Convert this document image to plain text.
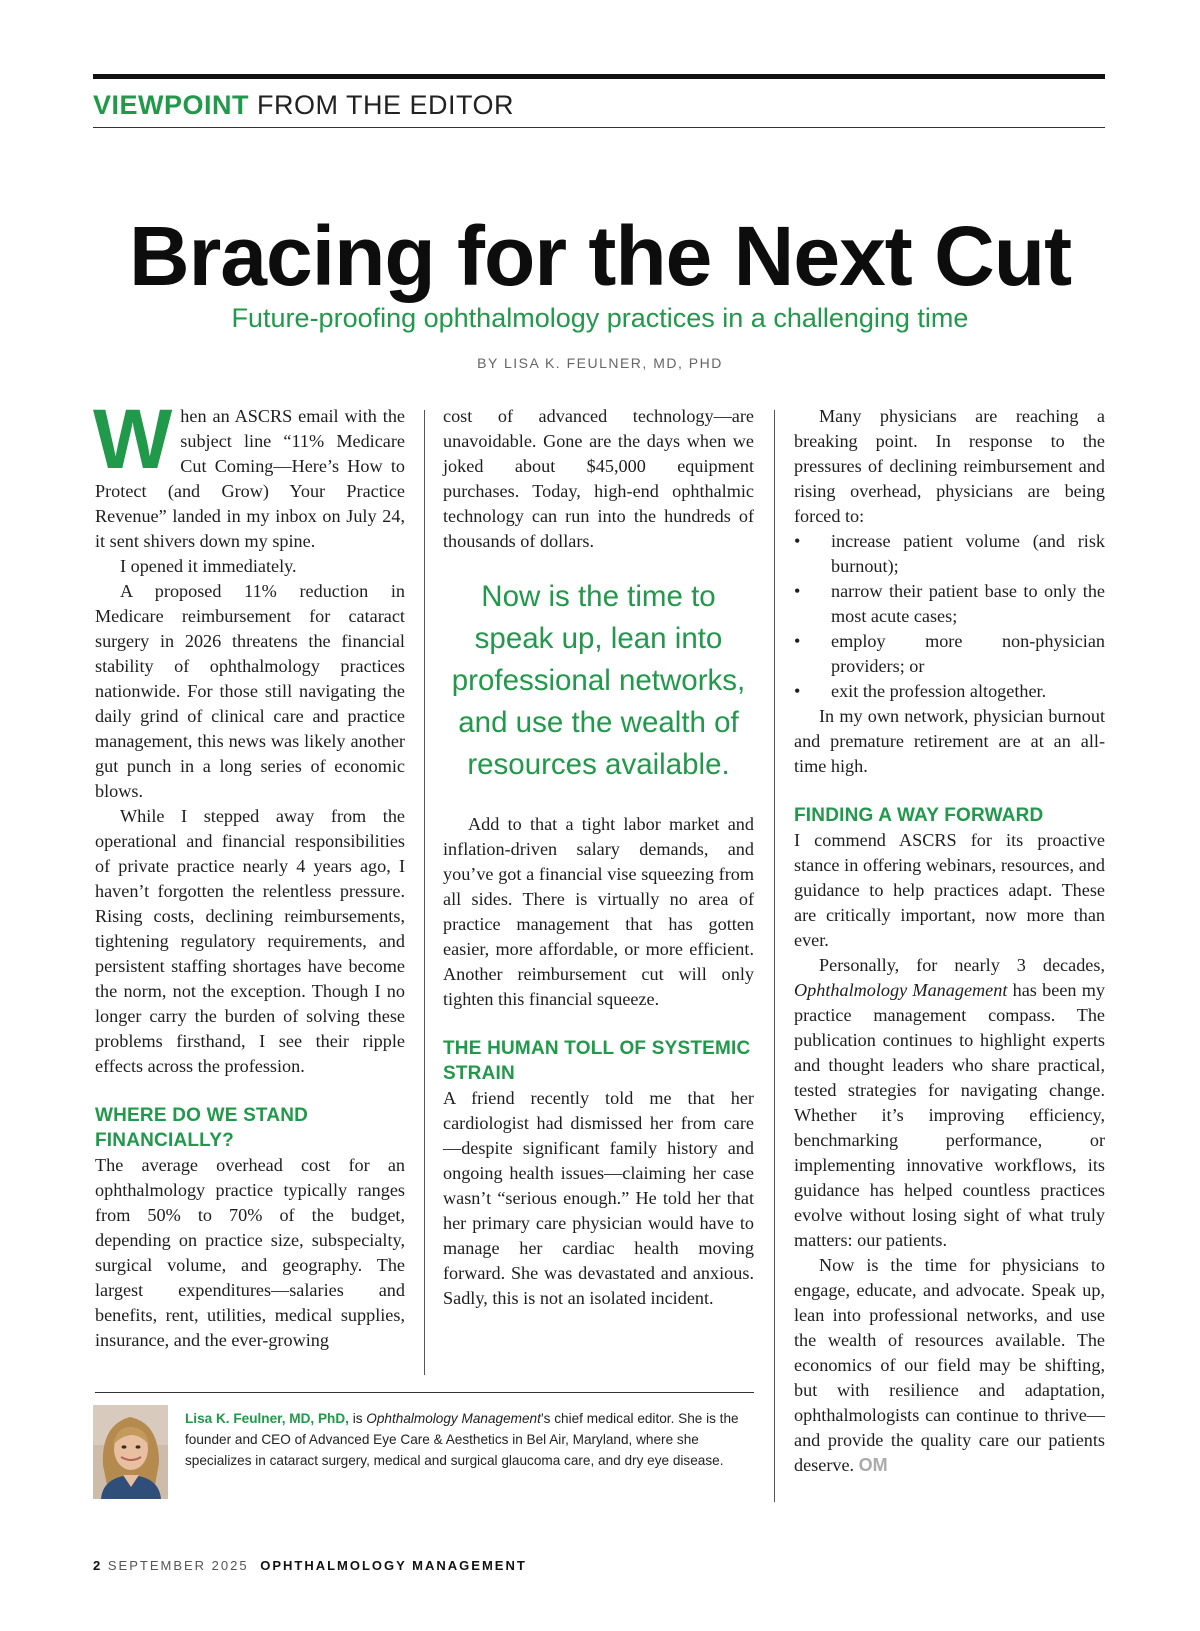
VIEWPOINT FROM THE EDITOR
Bracing for the Next Cut
Future-proofing ophthalmology practices in a challenging time
BY LISA K. FEULNER, MD, PHD

When an ASCRS email with the subject line “11% Medicare Cut Coming—Here’s How to Protect (and Grow) Your Practice Revenue” landed in my inbox on July 24, it sent shivers down my spine.

I opened it immediately.

A proposed 11% reduction in Medicare reimbursement for cataract surgery in 2026 threatens the financial stability of ophthalmology practices nationwide. For those still navigating the daily grind of clinical care and practice management, this news was likely another gut punch in a long series of economic blows.

While I stepped away from the operational and financial responsibilities of private practice nearly 4 years ago, I haven’t forgotten the relentless pressure. Rising costs, declining reimbursements, tightening regulatory requirements, and persistent staffing shortages have become the norm, not the exception. Though I no longer carry the burden of solving these problems firsthand, I see their ripple effects across the profession.

WHERE DO WE STAND FINANCIALLY?

The average overhead cost for an ophthalmology practice typically ranges from 50% to 70% of the budget, depending on practice size, subspecialty, surgical volume, and geography. The largest expenditures—salaries and benefits, rent, utilities, medical supplies, insurance, and the ever-growing

cost of advanced technology—are unavoidable. Gone are the days when we joked about $45,000 equipment purchases. Today, high-end ophthalmic technology can run into the hundreds of thousands of dollars.

Now is the time to speak up, lean into professional networks, and use the wealth of resources available.

Add to that a tight labor market and inflation-driven salary demands, and you’ve got a financial vise squeezing from all sides. There is virtually no area of practice management that has gotten easier, more affordable, or more efficient. Another reimbursement cut will only tighten this financial squeeze.

THE HUMAN TOLL OF SYSTEMIC STRAIN

A friend recently told me that her cardiologist had dismissed her from care—despite significant family history and ongoing health issues—claiming her case wasn’t “serious enough.” He told her that her primary care physician would have to manage her cardiac health moving forward. She was devastated and anxious. Sadly, this is not an isolated incident.

Many physicians are reaching a breaking point. In response to the pressures of declining reimbursement and rising overhead, physicians are being forced to:

• increase patient volume (and risk burnout);
• narrow their patient base to only the most acute cases;
• employ more non-physician providers; or
• exit the profession altogether.

In my own network, physician burnout and premature retirement are at an all-time high.

FINDING A WAY FORWARD

I commend ASCRS for its proactive stance in offering webinars, resources, and guidance to help practices adapt. These are critically important, now more than ever.

Personally, for nearly 3 decades, Ophthalmology Management has been my practice management compass. The publication continues to highlight experts and thought leaders who share practical, tested strategies for navigating change. Whether it’s improving efficiency, benchmarking performance, or implementing innovative workflows, its guidance has helped countless practices evolve without losing sight of what truly matters: our patients.

Now is the time for physicians to engage, educate, and advocate. Speak up, lean into professional networks, and use the wealth of resources available. The economics of our field may be shifting, but with resilience and adaptation, ophthalmologists can continue to thrive—and provide the quality care our patients deserve. OM

Lisa K. Feulner, MD, PhD, is Ophthalmology Management’s chief medical editor. She is the founder and CEO of Advanced Eye Care & Aesthetics in Bel Air, Maryland, where she specializes in cataract surgery, medical and surgical glaucoma care, and dry eye disease.
2 SEPTEMBER 2025 OPHTHALMOLOGY MANAGEMENT
